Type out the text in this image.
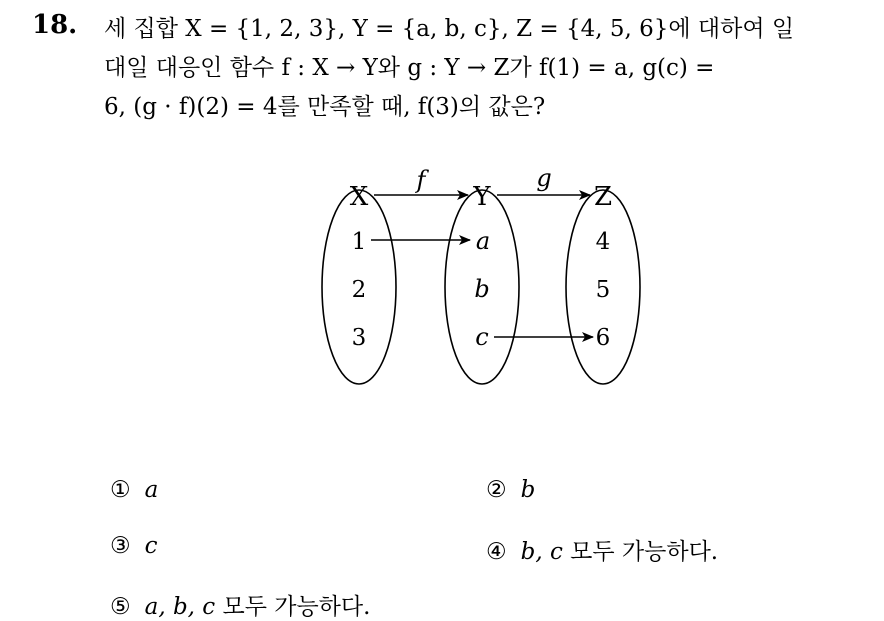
18. 세 집합 X = {1, 2, 3}, Y = {a, b, c}, Z = {4, 5, 6}에 대하여 일
대일 대응인 함수 f : X → Y와 g : Y → Z가 f(1) = a, g(c) =
6, (g · f)(2) = 4를 만족할 때, f(3)의 값은?
X	Y	Z
f	g
1
2
3
a
b
c
4
5
6
① a	② b
③ c	④ b, c 모두 가능하다.
⑤ a, b, c 모두 가능하다.
